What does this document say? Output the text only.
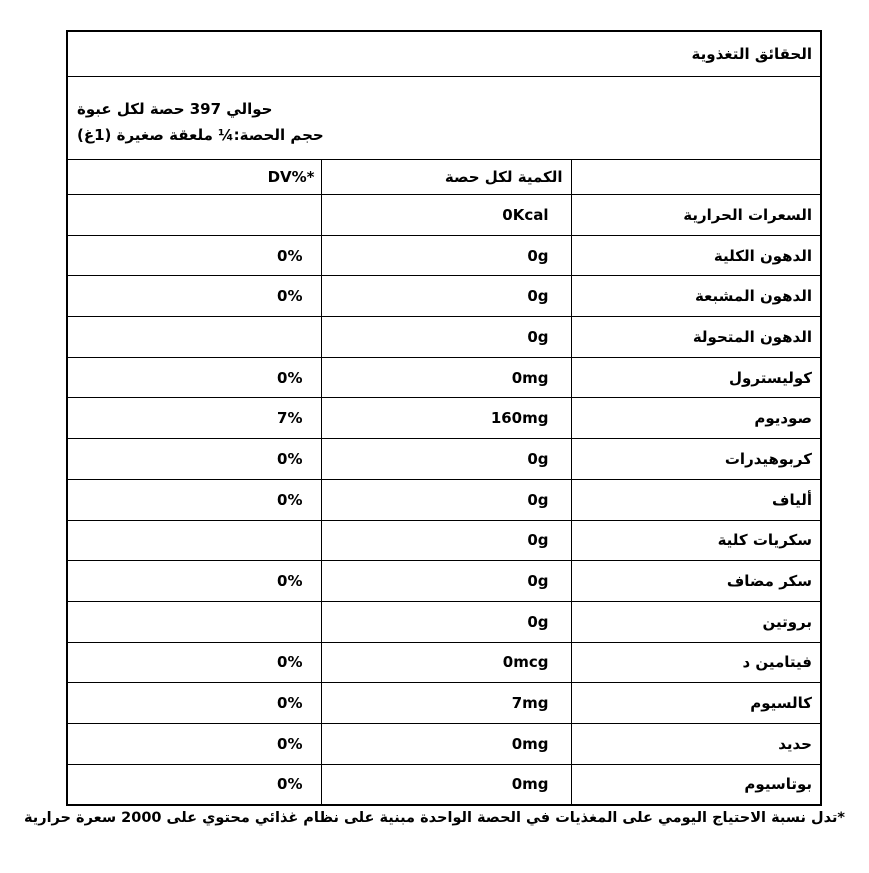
الحقائق التغذوية		

حوالي 397 حصة لكل عبوة
حجم الحصة:¼ ملعقة صغيرة (1غ)		

	الكمية لكل حصة	DV%*
السعرات الحرارية	0Kcal	
الدهون الكلية	0g	0%
الدهون المشبعة	0g	0%
الدهون المتحولة	0g	
كوليسترول	0mg	0%
صوديوم	160mg	7%
كربوهيدرات	0g	0%
ألياف	0g	0%
سكريات كلية	0g	
سكر مضاف	0g	0%
بروتين	0g	
فيتامين د	0mcg	0%
كالسيوم	7mg	0%
حديد	0mg	0%
بوتاسيوم	0mg	0%
*تدل نسبة الاحتياج اليومي على المغذيات في الحصة الواحدة مبنية على نظام غذائي محتوي على 2000 سعرة حرارية
